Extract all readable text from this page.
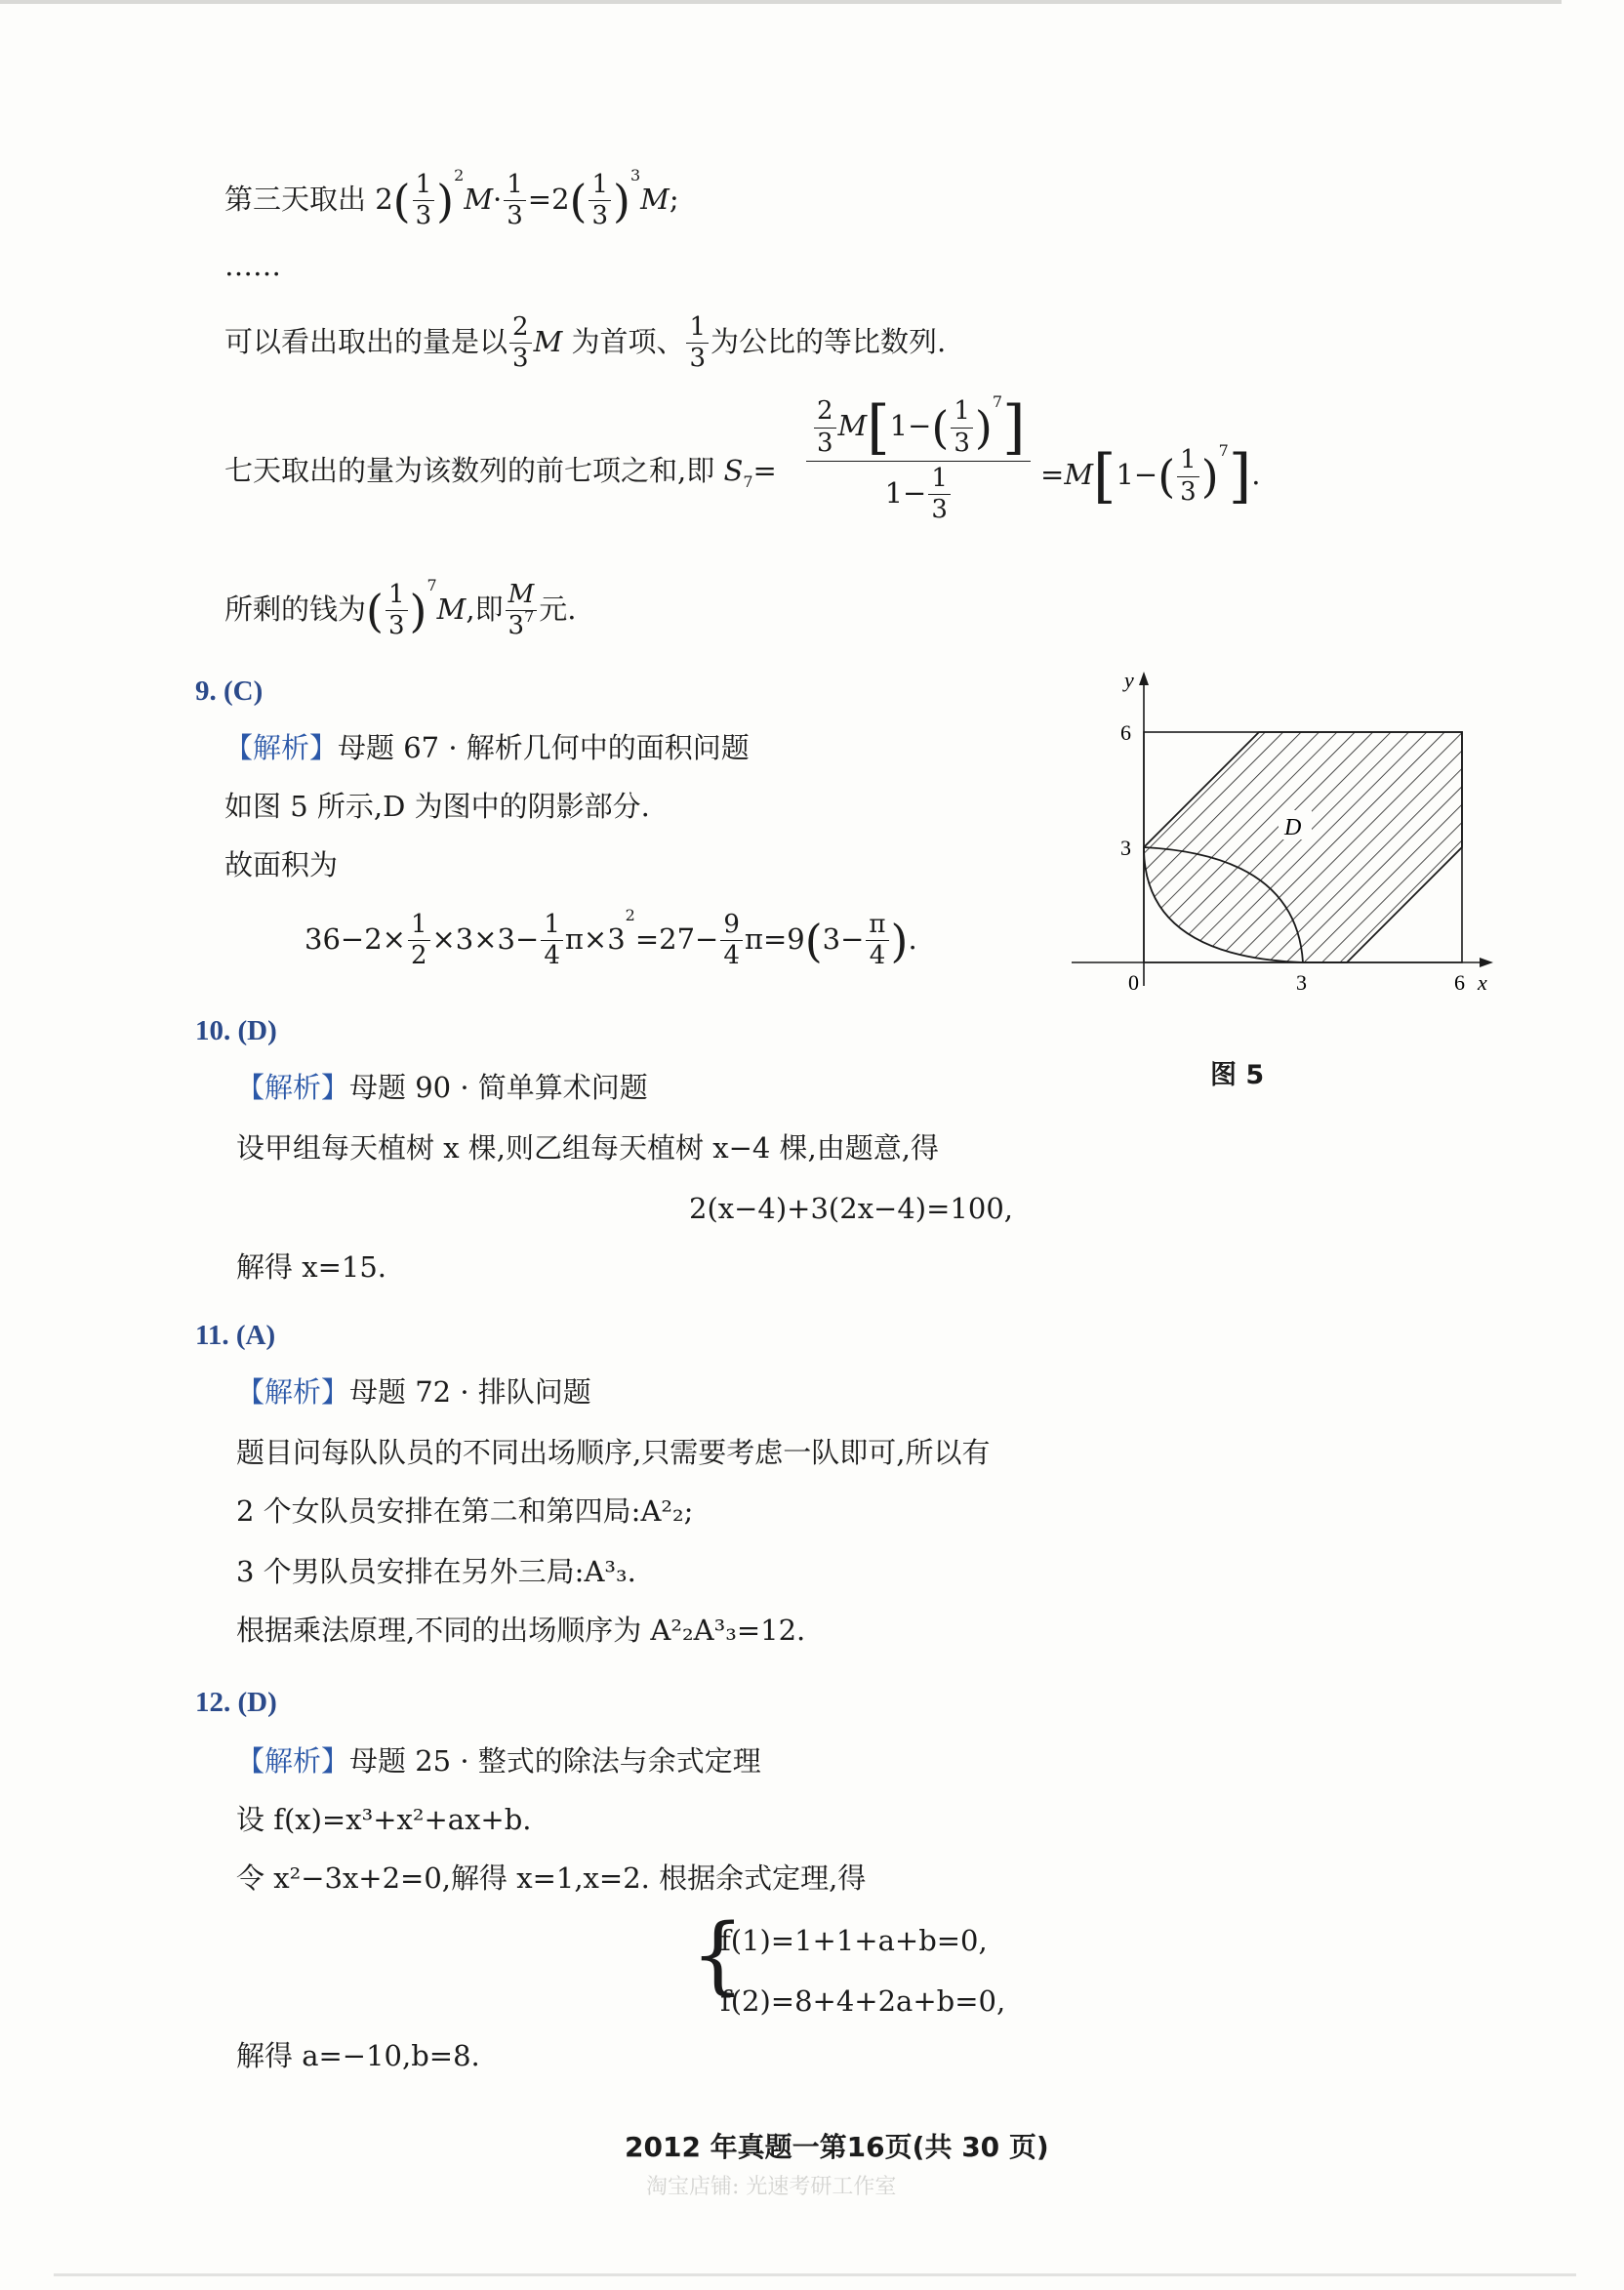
第三天取出 $2( \frac{1}{3} )^2M\cdot \frac{1}{3} =2( \frac{1}{3} )^3M$;
……
可以看出取出的量是以 $\frac{2}{3}$ M 为首项、 $\frac{1}{3}$ 为公比的等比数列.
七天取出的量为该数列的前七项之和,即 $S_7=$
$\frac{2}{3} M[1-( \frac{1}{3} )^7]$
$1- \frac{1}{3}$	$=M[1-( \frac{1}{3} )^7]$.
所剩的钱为( $\frac{1}{3} )^7M$,即 $\frac{M}{3^7}$ 元.
9. (C)
【解析】母题 67 · 解析几何中的面积问题
如图 5 所示,D 为图中的阴影部分.
故面积为
$36-2\times \frac{1}{2} \times 3\times 3- \frac{1}{4} \pi\times 3^2=27- \frac{9}{4} \pi=9(3- \frac{\pi}{4}$ ).
y
x
0
6
3
3	6
D
图 5
10. (D)
【解析】母题 90 · 简单算术问题
设甲组每天植树 x 棵,则乙组每天植树 x−4 棵,由题意,得
2(x−4)+3(2x−4)=100,
解得 x=15.
11. (A)
【解析】母题 72 · 排队问题
题目问每队队员的不同出场顺序,只需要考虑一队即可,所以有
2 个女队员安排在第二和第四局:A²₂;
3 个男队员安排在另外三局:A³₃.
根据乘法原理,不同的出场顺序为 A²₂A³₃=12.
12. (D)
【解析】母题 25 · 整式的除法与余式定理
设 f(x)=x³+x²+ax+b.
令 x²−3x+2=0,解得 x=1,x=2. 根据余式定理,得
{
f(1)=1+1+a+b=0,
f(2)=8+4+2a+b=0,
解得 a=−10,b=8.
2012 年真题一第16页(共 30 页)
淘宝店铺: 光速考研工作室
